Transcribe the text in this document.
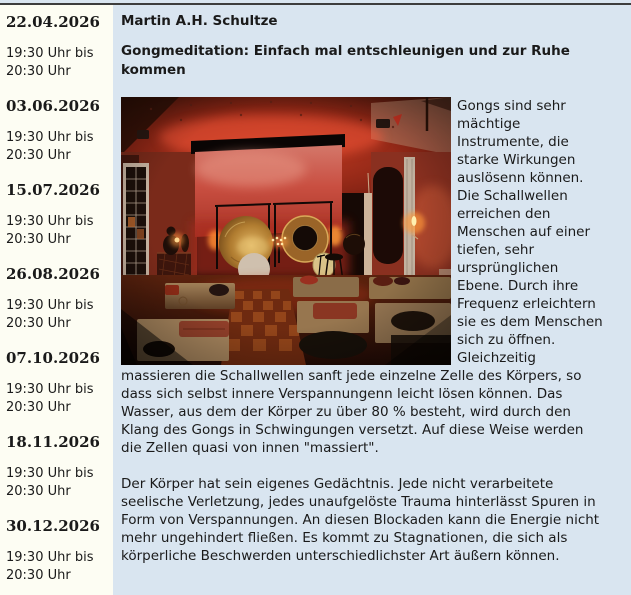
22.04.2026
19:30 Uhr bis
20:30 Uhr
03.06.2026
19:30 Uhr bis
20:30 Uhr
15.07.2026
19:30 Uhr bis
20:30 Uhr
26.08.2026
19:30 Uhr bis
20:30 Uhr
07.10.2026
19:30 Uhr bis
20:30 Uhr
18.11.2026
19:30 Uhr bis
20:30 Uhr
30.12.2026
19:30 Uhr bis
20:30 Uhr
Martin A.H. Schultze
Gongmeditation: Einfach mal entschleunigen und zur Ruhe kommen

Gongs sind sehr mächtige Instrumente, die starke Wirkungen auslösenn können. Die Schallwellen erreichen den Menschen auf einer tiefen, sehr ursprünglichen Ebene. Durch ihre Frequenz erleichtern sie es dem Menschen sich zu öffnen. Gleichzeitig massieren die Schallwellen sanft jede einzelne Zelle des Körpers, so dass sich selbst innere Verspannungenn leicht lösen können. Das Wasser, aus dem der Körper zu über 80 % besteht, wird durch den Klang des Gongs in Schwingungen versetzt. Auf diese Weise werden die Zellen quasi von innen "massiert".

Der Körper hat sein eigenes Gedächtnis. Jede nicht verarbeitete seelische Verletzung, jedes unaufgelöste Trauma hinterlässt Spuren in Form von Verspannungen. An diesen Blockaden kann die Energie nicht mehr ungehindert fließen. Es kommt zu Stagnationen, die sich als körperliche Beschwerden unterschiedlichster Art äußern können.
